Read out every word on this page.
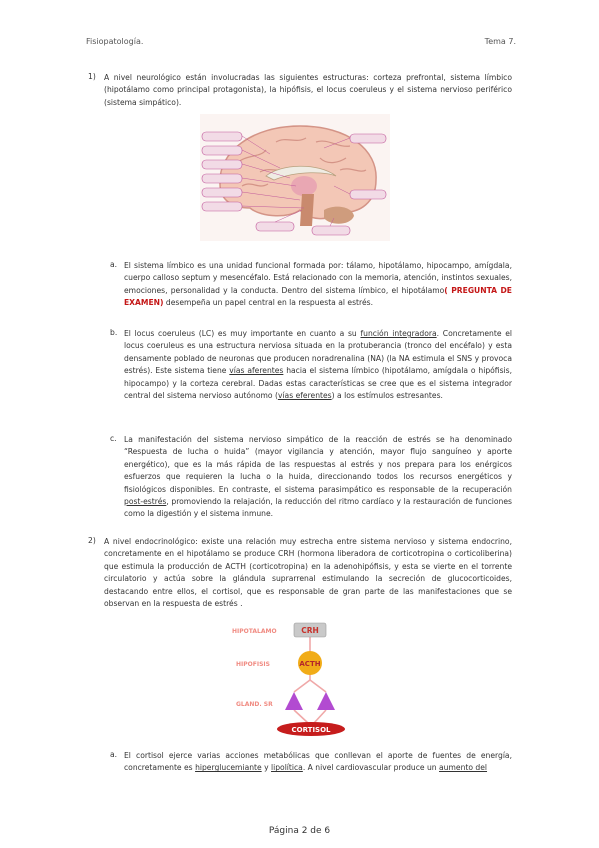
Fisiopatología.	Tema 7.
1) A nivel neurológico están involucradas las siguientes estructuras: corteza prefrontal, sistema límbico (hipotálamo como principal protagonista), la hipófisis, el locus coeruleus y el sistema nervioso periférico (sistema simpático).
a. El sistema límbico es una unidad funcional formada por: tálamo, hipotálamo, hipocampo, amígdala, cuerpo calloso septum y mesencéfalo. Está relacionado con la memoria, atención, instintos sexuales, emociones, personalidad y la conducta. Dentro del sistema límbico, el hipotálamo( PREGUNTA DE EXAMEN) desempeña un papel central en la respuesta al estrés.
b. El locus coeruleus (LC) es muy importante en cuanto a su función integradora. Concretamente el locus coeruleus es una estructura nerviosa situada en la protuberancia (tronco del encéfalo) y esta densamente poblado de neuronas que producen noradrenalina (NA) (la NA estimula el SNS y provoca estrés). Este sistema tiene vías aferentes hacia el sistema límbico (hipotálamo, amígdala o hipófisis, hipocampo) y la corteza cerebral. Dadas estas características se cree que es el sistema integrador central del sistema nervioso autónomo (vías eferentes) a los estímulos estresantes.
c. La manifestación del sistema nervioso simpático de la reacción de estrés se ha denominado “Respuesta de lucha o huida” (mayor vigilancia y atención, mayor flujo sanguíneo y aporte energético), que es la más rápida de las respuestas al estrés y nos prepara para los enérgicos esfuerzos que requieren la lucha o la huida, direccionando todos los recursos energéticos y fisiológicos disponibles. En contraste, el sistema parasimpático es responsable de la recuperación post-estrés, promoviendo la relajación, la reducción del ritmo cardíaco y la restauración de funciones como la digestión y el sistema inmune.
2) A nivel endocrinológico: existe una relación muy estrecha entre sistema nervioso y sistema endocrino, concretamente en el hipotálamo se produce CRH (hormona liberadora de corticotropina o corticoliberina) que estimula la producción de ACTH (corticotropina) en la adenohipófisis, y esta se vierte en el torrente circulatorio y actúa sobre la glándula suprarrenal estimulando la secreción de glucocorticoides, destacando entre ellos, el cortisol, que es responsable de gran parte de las manifestaciones que se observan en la respuesta de estrés .
HIPOTALAMO	CRH
HIPOFISIS	ACTH
GLAND. SR
CORTISOL
a. El cortisol ejerce varias acciones metabólicas que conllevan el aporte de fuentes de energía, concretamente es hiperglucemiante y lipolítica. A nivel cardiovascular produce un aumento del
Página 2 de 6
